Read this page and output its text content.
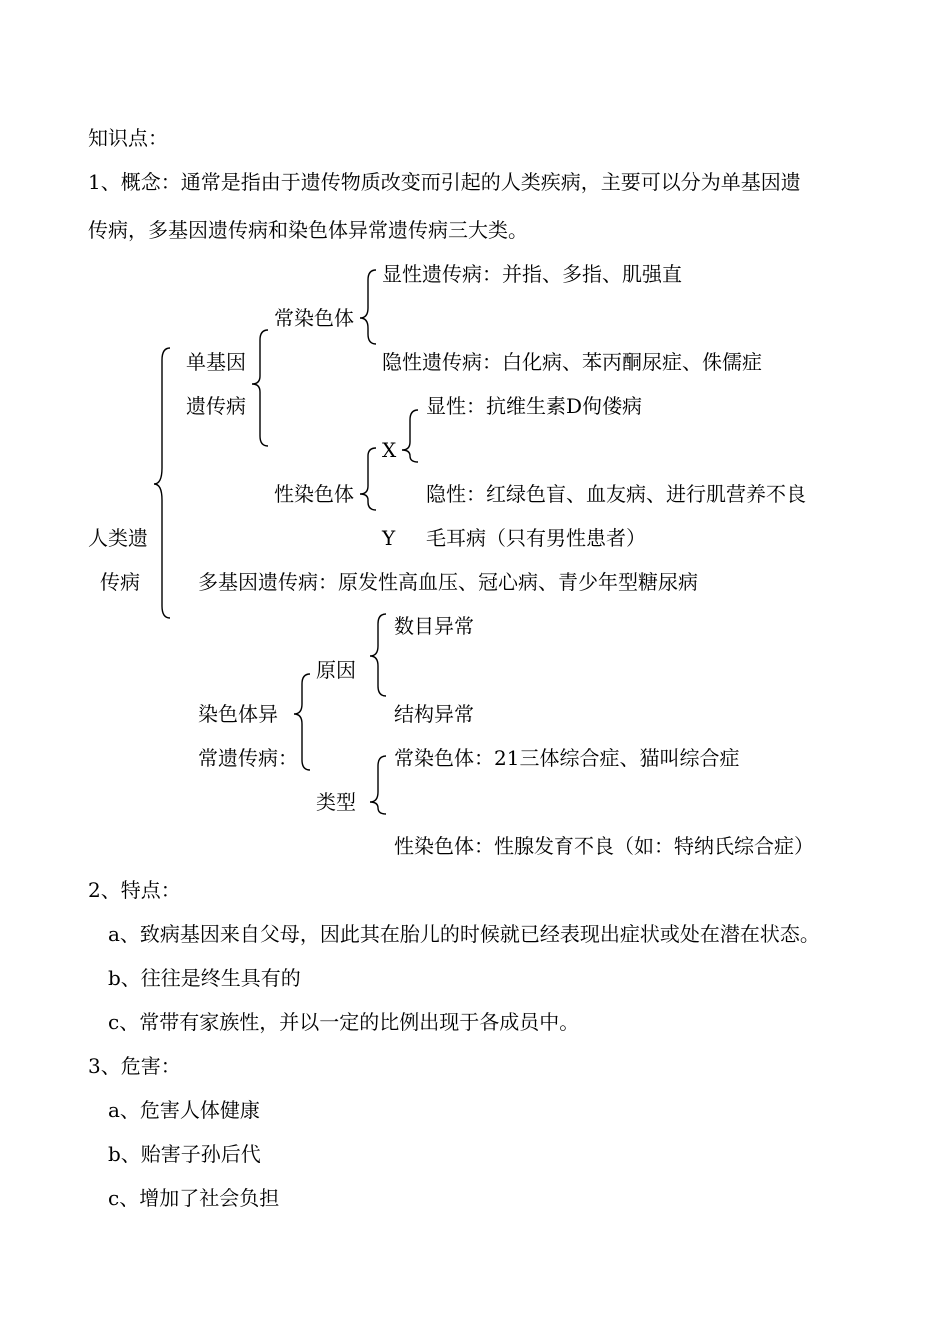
知识点：
1、概念：通常是指由于遗传物质改变而引起的人类疾病，主要可以分为单基因遗
传病，多基因遗传病和染色体异常遗传病三大类。
显性遗传病：并指、多指、肌强直
常染色体
单基因	隐性遗传病：白化病、苯丙酮尿症、侏儒症
遗传病	显性：抗维生素D佝偻病
X
性染色体	隐性：红绿色盲、血友病、进行肌营养不良
人类遗	Y 毛耳病（只有男性患者）
传病	多基因遗传病：原发性高血压、冠心病、青少年型糖尿病
数目异常
原因
染色体异	结构异常
常遗传病：	常染色体：21三体综合症、猫叫综合症
类型
性染色体：性腺发育不良（如：特纳氏综合症）
2、特点：
a、致病基因来自父母，因此其在胎儿的时候就已经表现出症状或处在潜在状态。
b、往往是终生具有的
c、常带有家族性，并以一定的比例出现于各成员中。
3、危害：
a、危害人体健康
b、贻害子孙后代
c、增加了社会负担
